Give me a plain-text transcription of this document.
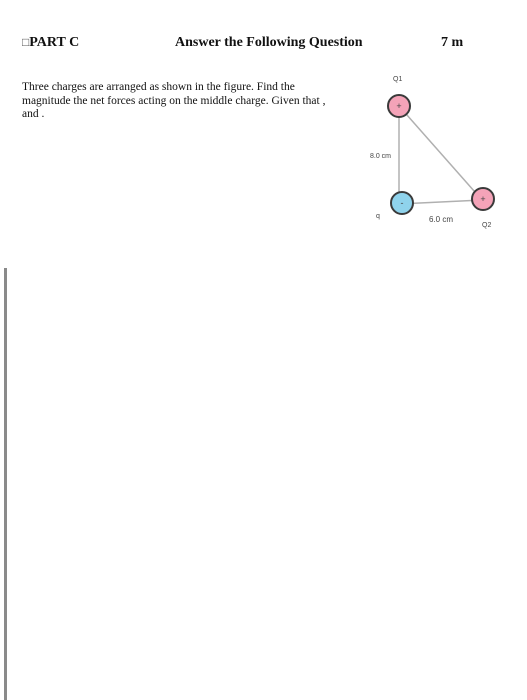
□PART C	Answer the Following Question	7 m

Three charges are arranged as shown in the figure. Find the

magnitude the net forces acting on the middle charge. Given that ,

and .

Q1
+
8.0 cm
-
q
+
Q2
6.0 cm
